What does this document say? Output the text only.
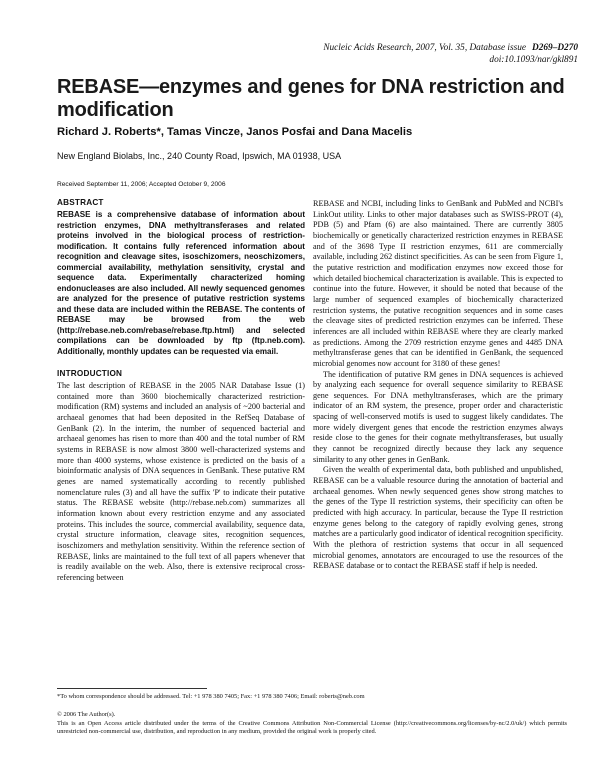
Nucleic Acids Research, 2007, Vol. 35, Database issue D269–D270
doi:10.1093/nar/gkl891
REBASE—enzymes and genes for DNA restriction and modification
Richard J. Roberts*, Tamas Vincze, Janos Posfai and Dana Macelis
New England Biolabs, Inc., 240 County Road, Ipswich, MA 01938, USA
Received September 11, 2006; Accepted October 9, 2006
ABSTRACT

REBASE is a comprehensive database of information about restriction enzymes, DNA methyltransferases and related proteins involved in the biological process of restriction-modification. It contains fully referenced information about recognition and cleavage sites, isoschizomers, neoschizomers, commercial availability, methylation sensitivity, crystal and sequence data. Experimentally characterized homing endonucleases are also included. All newly sequenced genomes are analyzed for the presence of putative restriction systems and these data are included within the REBASE. The contents of REBASE may be browsed from the web (http://rebase.neb.com/rebase/rebase.ftp.html) and selected compilations can be downloaded by ftp (ftp.neb.com). Additionally, monthly updates can be requested via email.

INTRODUCTION

The last description of REBASE in the 2005 NAR Database Issue (1) contained more than 3600 biochemically characterized restriction-modification (RM) systems and included an analysis of ~200 bacterial and archaeal genomes that had been deposited in the RefSeq Database of GenBank (2). In the interim, the number of sequenced bacterial and archaeal genomes has risen to more than 400 and the total number of RM systems in REBASE is now almost 3800 well-characterized systems and more than 4000 systems, whose existence is predicted on the basis of a bioinformatic analysis of DNA sequences in GenBank. These putative RM genes are named systematically according to recently published nomenclature rules (3) and all have the suffix 'P' to indicate their putative status. The REBASE website (http://rebase.neb.com) summarizes all information known about every restriction enzyme and any associated proteins. This includes the source, commercial availability, sequence data, crystal structure information, cleavage sites, recognition sequences, isoschizomers and methylation sensitivity. Within the reference section of REBASE, links are maintained to the full text of all papers whenever that is readily available on the web. Also, there is extensive reciprocal cross-referencing between

REBASE and NCBI, including links to GenBank and PubMed and NCBI's LinkOut utility. Links to other major databases such as SWISS-PROT (4), PDB (5) and Pfam (6) are also maintained. There are currently 3805 biochemically or genetically characterized restriction enzymes in REBASE and of the 3698 Type II restriction enzymes, 611 are commercially available, including 262 distinct specificities. As can be seen from Figure 1, the putative restriction and modification enzymes now exceed those for which detailed biochemical characterization is available. This is expected to continue into the future. However, it should be noted that because of the large number of sequenced examples of biochemically characterized restriction systems, the putative recognition sequences and in some cases the cleavage sites of predicted restriction enzymes can be inferred. These inferences are all included within REBASE where they are clearly marked as predictions. Among the 2709 restriction enzyme genes and 4485 DNA methyltransferase genes that can be identified in GenBank, the sequenced microbial genomes now account for 3180 of these genes!

The identification of putative RM genes in DNA sequences is achieved by analyzing each sequence for overall sequence similarity to REBASE gene sequences. For DNA methyltransferases, which are the primary indicator of an RM system, the presence, proper order and characteristic spacing of well-conserved motifs is used to suggest likely candidates. The more widely divergent genes that encode the restriction enzymes always reside close to the genes for their cognate methyltransferases, but usually they cannot be recognized directly because they lack any sequence similarity to any other genes in GenBank.

Given the wealth of experimental data, both published and unpublished, REBASE can be a valuable resource during the annotation of bacterial and archaeal genomes. When newly sequenced genes show strong matches to the genes of the Type II restriction systems, their specificity can often be predicted with high accuracy. In particular, because the Type II restriction enzyme genes belong to the category of rapidly evolving genes, strong matches are a particularly good indicator of identical recognition specificity. With the plethora of restriction systems that occur in all sequenced microbial genomes, annotators are encouraged to use the resources of the REBASE database or to contact the REBASE staff if help is needed.

*To whom correspondence should be addressed. Tel: +1 978 380 7405; Fax: +1 978 380 7406; Email: roberts@neb.com
© 2006 The Author(s).
This is an Open Access article distributed under the terms of the Creative Commons Attribution Non-Commercial License (http://creativecommons.org/licenses/by-nc/2.0/uk/) which permits unrestricted non-commercial use, distribution, and reproduction in any medium, provided the original work is properly cited.
